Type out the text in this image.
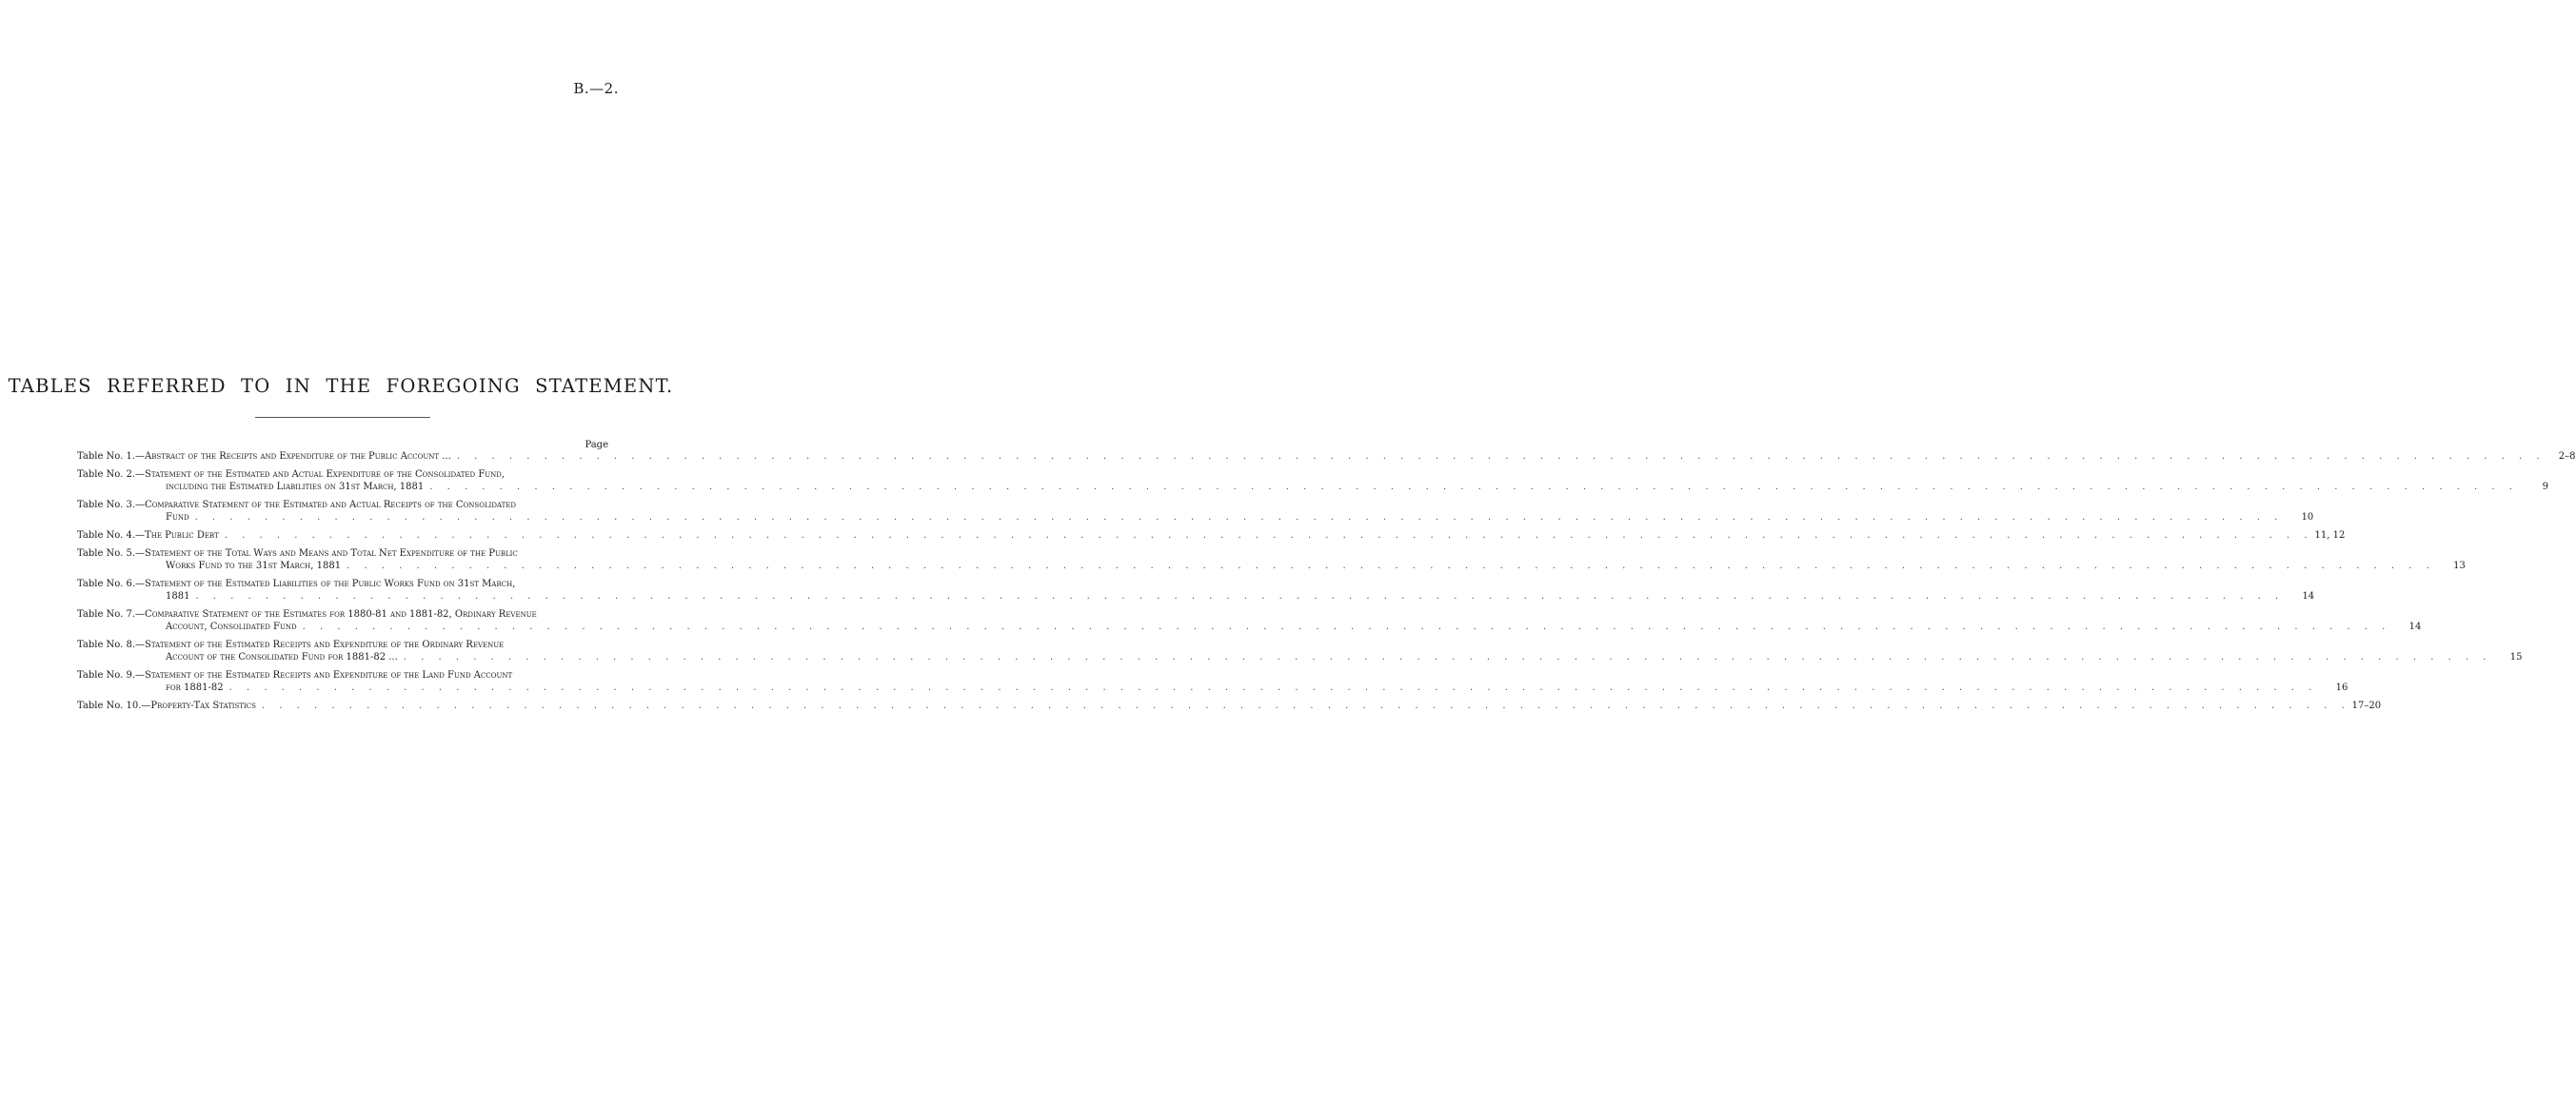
B.—2.
TABLES REFERRED TO IN THE FOREGOING STATEMENT.
Page
Table No. 1.— Abstract of the Receipts and Expenditure of the Public Account ... . . . . . . . . . . . . . . . . . . . . . . . . . . . . . . . . . . . . . . . . . . . . . . . . . . . . . . . . . . . . . . . . . . . . . . . . . . . . . . . . . . . . . . . . . . . . . . . . . . . . . . . . . . . . . . . . . . . . . . . .	2–8
Table No. 2.— Statement of the Estimated and Actual Expenditure of the Consolidated Fund,
including the Estimated Liabilities on 31st March, 1881 . . . . . . . . . . . . . . . . . . . . . . . . . . . . . . . . . . . . . . . . . . . . . . . . . . . . . . . . . . . . . . . . . . . . . . . . . . . . . . . . . . . . . . . . . . . . . . . . . . . . . . . . . . . . . . . . . . . . . . . .	9
Table No. 3.— Comparative Statement of the Estimated and Actual Receipts of the Consolidated
Fund . . . . . . . . . . . . . . . . . . . . . . . . . . . . . . . . . . . . . . . . . . . . . . . . . . . . . . . . . . . . . . . . . . . . . . . . . . . . . . . . . . . . . . . . . . . . . . . . . . . . . . . . . . . . . . . . . . . . . . . .	10
Table No. 4.— The Public Debt . . . . . . . . . . . . . . . . . . . . . . . . . . . . . . . . . . . . . . . . . . . . . . . . . . . . . . . . . . . . . . . . . . . . . . . . . . . . . . . . . . . . . . . . . . . . . . . . . . . . . . . . . . . . . . . . . . . . . . . . 11, 12
Table No. 5.— Statement of the Total Ways and Means and Total Net Expenditure of the Public
Works Fund to the 31st March, 1881 . . . . . . . . . . . . . . . . . . . . . . . . . . . . . . . . . . . . . . . . . . . . . . . . . . . . . . . . . . . . . . . . . . . . . . . . . . . . . . . . . . . . . . . . . . . . . . . . . . . . . . . . . . . . . . . . . . . . . . . .	13
Table No. 6.— Statement of the Estimated Liabilities of the Public Works Fund on 31st March,
1881 . . . . . . . . . . . . . . . . . . . . . . . . . . . . . . . . . . . . . . . . . . . . . . . . . . . . . . . . . . . . . . . . . . . . . . . . . . . . . . . . . . . . . . . . . . . . . . . . . . . . . . . . . . . . . . . . . . . . . . . .	14
Table No. 7.— Comparative Statement of the Estimates for 1880-81 and 1881-82, Ordinary Revenue
Account, Consolidated Fund . . . . . . . . . . . . . . . . . . . . . . . . . . . . . . . . . . . . . . . . . . . . . . . . . . . . . . . . . . . . . . . . . . . . . . . . . . . . . . . . . . . . . . . . . . . . . . . . . . . . . . . . . . . . . . . . . . . . . . . .	14
Table No. 8.— Statement of the Estimated Receipts and Expenditure of the Ordinary Revenue
Account of the Consolidated Fund for 1881-82 ... . . . . . . . . . . . . . . . . . . . . . . . . . . . . . . . . . . . . . . . . . . . . . . . . . . . . . . . . . . . . . . . . . . . . . . . . . . . . . . . . . . . . . . . . . . . . . . . . . . . . . . . . . . . . . . . . . . . . . . . .	15
Table No. 9.— Statement of the Estimated Receipts and Expenditure of the Land Fund Account
for 1881-82 . . . . . . . . . . . . . . . . . . . . . . . . . . . . . . . . . . . . . . . . . . . . . . . . . . . . . . . . . . . . . . . . . . . . . . . . . . . . . . . . . . . . . . . . . . . . . . . . . . . . . . . . . . . . . . . . . . . . . . . .	16
Table No. 10.— Property-Tax Statistics . . . . . . . . . . . . . . . . . . . . . . . . . . . . . . . . . . . . . . . . . . . . . . . . . . . . . . . . . . . . . . . . . . . . . . . . . . . . . . . . . . . . . . . . . . . . . . . . . . . . . . . . . . . . . . . . . . . . . . . . 17–20
